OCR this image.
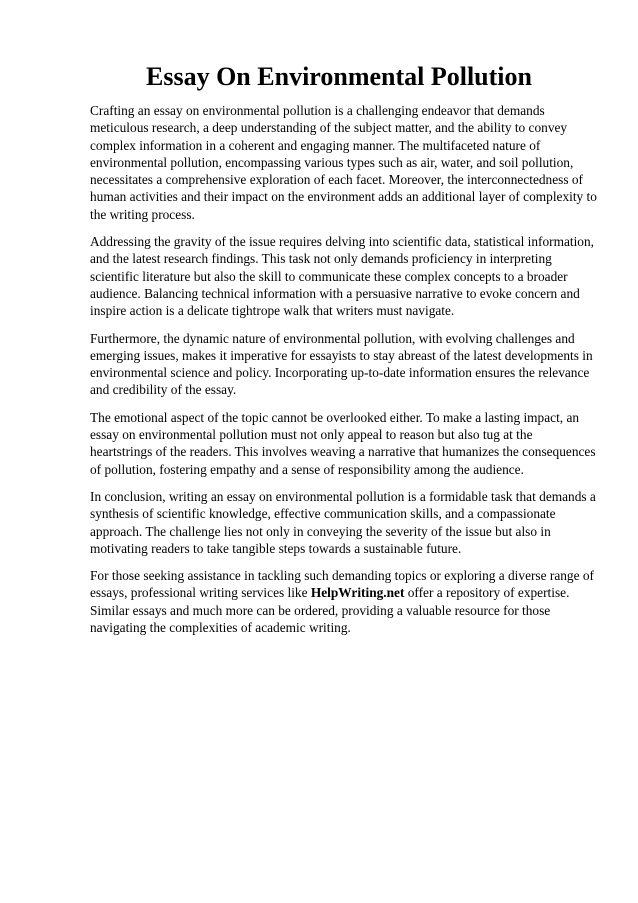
Essay On Environmental Pollution

Crafting an essay on environmental pollution is a challenging endeavor that demands meticulous research, a deep understanding of the subject matter, and the ability to convey complex information in a coherent and engaging manner. The multifaceted nature of environmental pollution, encompassing various types such as air, water, and soil pollution, necessitates a comprehensive exploration of each facet. Moreover, the interconnectedness of human activities and their impact on the environment adds an additional layer of complexity to the writing process.

Addressing the gravity of the issue requires delving into scientific data, statistical information, and the latest research findings. This task not only demands proficiency in interpreting scientific literature but also the skill to communicate these complex concepts to a broader audience. Balancing technical information with a persuasive narrative to evoke concern and inspire action is a delicate tightrope walk that writers must navigate.

Furthermore, the dynamic nature of environmental pollution, with evolving challenges and emerging issues, makes it imperative for essayists to stay abreast of the latest developments in environmental science and policy. Incorporating up-to-date information ensures the relevance and credibility of the essay.

The emotional aspect of the topic cannot be overlooked either. To make a lasting impact, an essay on environmental pollution must not only appeal to reason but also tug at the heartstrings of the readers. This involves weaving a narrative that humanizes the consequences of pollution, fostering empathy and a sense of responsibility among the audience.

In conclusion, writing an essay on environmental pollution is a formidable task that demands a synthesis of scientific knowledge, effective communication skills, and a compassionate approach. The challenge lies not only in conveying the severity of the issue but also in motivating readers to take tangible steps towards a sustainable future.

For those seeking assistance in tackling such demanding topics or exploring a diverse range of essays, professional writing services like HelpWriting.net offer a repository of expertise. Similar essays and much more can be ordered, providing a valuable resource for those navigating the complexities of academic writing.
